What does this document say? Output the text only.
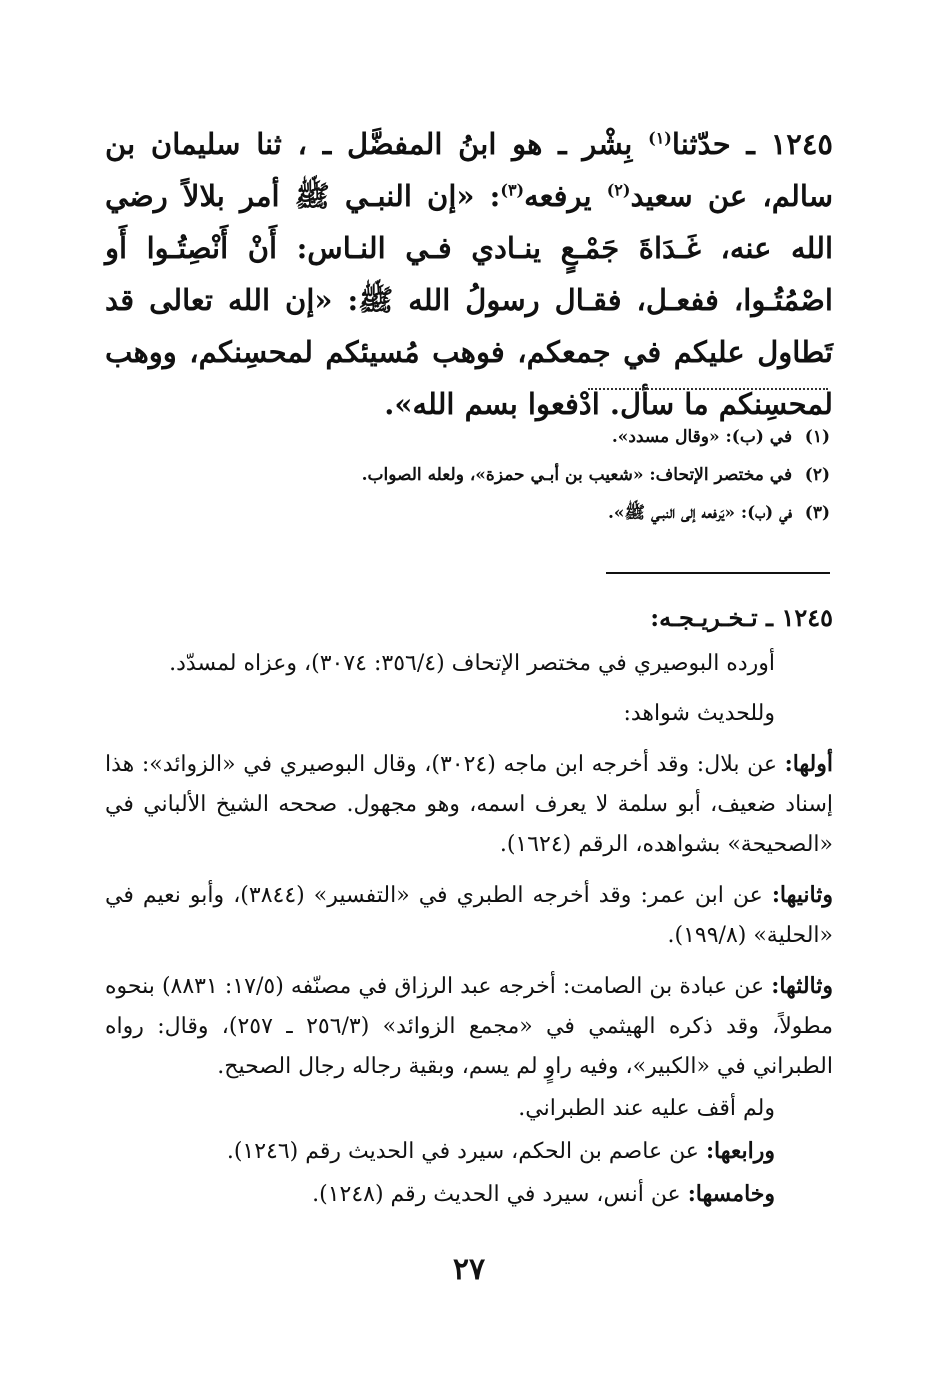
١٢٤٥ ـ حدّثنا$^{(١)}$ بِشْر ـ هو ابنُ المفضَّل ـ ، ثنا سليمان بن سالم، عن سعيد$^{(٢)}$ يرفعه$^{(٣)}$: «إن النبـي ﷺ أمر بلالاً رضي الله عنه، غَـدَاةَ جَمْـعٍ ينـادي فـي النـاس: أَنْ أَنْصِتُـوا أَو اصْمُتُـوا، ففعـل، فقـال رسولُ الله ﷺ: «إن الله تعالى قد تَطاول عليكم في جمعكم، فوهب مُسيئكم لمحسِنكم، ووهب لمحسِنكم ما سأل. ادْفعوا بسم الله».

(١) في (ب): «وقال مسدد».

(٢) في مختصر الإتحاف: «شعيب بن أبـي حمزة»، ولعله الصواب.

(٣) في (ب): «يَرفعه إلى النبـي ﷺ».

١٢٤٥ ـ تـخـريـجـه:

أورده البوصيري في مختصر الإتحاف (٣٥٦/٤: ٣٠٧٤)، وعزاه لمسدّد.

وللحديث شواهد:

أولها: عن بلال: وقد أخرجه ابن ماجه (٣٠٢٤)، وقال البوصيري في «الزوائد»: هذا إسناد ضعيف، أبو سلمة لا يعرف اسمه، وهو مجهول. صححه الشيخ الألباني في «الصحيحة» بشواهده، الرقم (١٦٢٤).

وثانيها: عن ابن عمر: وقد أخرجه الطبري في «التفسير» (٣٨٤٤)، وأبو نعيم في «الحلية» (١٩٩/٨).

وثالثها: عن عبادة بن الصامت: أخرجه عبد الرزاق في مصنّفه (١٧/٥: ٨٨٣١) بنحوه مطولاً، وقد ذكره الهيثمي في «مجمع الزوائد» (٢٥٦/٣ ـ ٢٥٧)، وقال: رواه الطبراني في «الكبير»، وفيه راوٍ لم يسم، وبقية رجاله رجال الصحيح.

ولم أقف عليه عند الطبراني.

ورابعها: عن عاصم بن الحكم، سيرد في الحديث رقم (١٢٤٦).

وخامسها: عن أنس، سيرد في الحديث رقم (١٢٤٨).

٢٧
